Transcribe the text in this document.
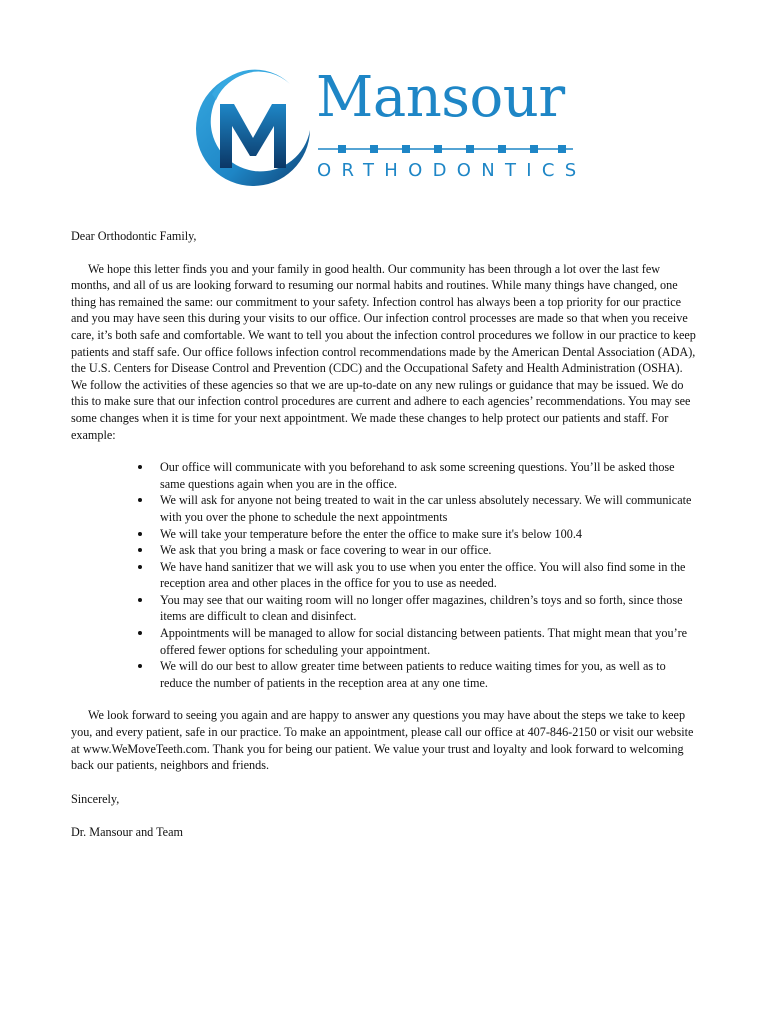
Mansour
ORTHODONTICS

Dear Orthodontic Family,

We hope this letter finds you and your family in good health. Our community has been through a lot over the last few months, and all of us are looking forward to resuming our normal habits and routines. While many things have changed, one thing has remained the same: our commitment to your safety. Infection control has always been a top priority for our practice and you may have seen this during your visits to our office. Our infection control processes are made so that when you receive care, it’s both safe and comfortable. We want to tell you about the infection control procedures we follow in our practice to keep patients and staff safe. Our office follows infection control recommendations made by the American Dental Association (ADA), the U.S. Centers for Disease Control and Prevention (CDC) and the Occupational Safety and Health Administration (OSHA). We follow the activities of these agencies so that we are up-to-date on any new rulings or guidance that may be issued. We do this to make sure that our infection control procedures are current and adhere to each agencies’ recommendations. You may see some changes when it is time for your next appointment. We made these changes to help protect our patients and staff. For example:

Our office will communicate with you beforehand to ask some screening questions. You’ll be asked those same questions again when you are in the office.
We will ask for anyone not being treated to wait in the car unless absolutely necessary. We will communicate with you over the phone to schedule the next appointments
We will take your temperature before the enter the office to make sure it's below 100.4
We ask that you bring a mask or face covering to wear in our office.
We have hand sanitizer that we will ask you to use when you enter the office. You will also find some in the reception area and other places in the office for you to use as needed.
You may see that our waiting room will no longer offer magazines, children’s toys and so forth, since those items are difficult to clean and disinfect.
Appointments will be managed to allow for social distancing between patients. That might mean that you’re offered fewer options for scheduling your appointment.
We will do our best to allow greater time between patients to reduce waiting times for you, as well as to reduce the number of patients in the reception area at any one time.

We look forward to seeing you again and are happy to answer any questions you may have about the steps we take to keep you, and every patient, safe in our practice. To make an appointment, please call our office at 407-846-2150 or visit our website at www.WeMoveTeeth.com. Thank you for being our patient. We value your trust and loyalty and look forward to welcoming back our patients, neighbors and friends.

Sincerely,

Dr. Mansour and Team
